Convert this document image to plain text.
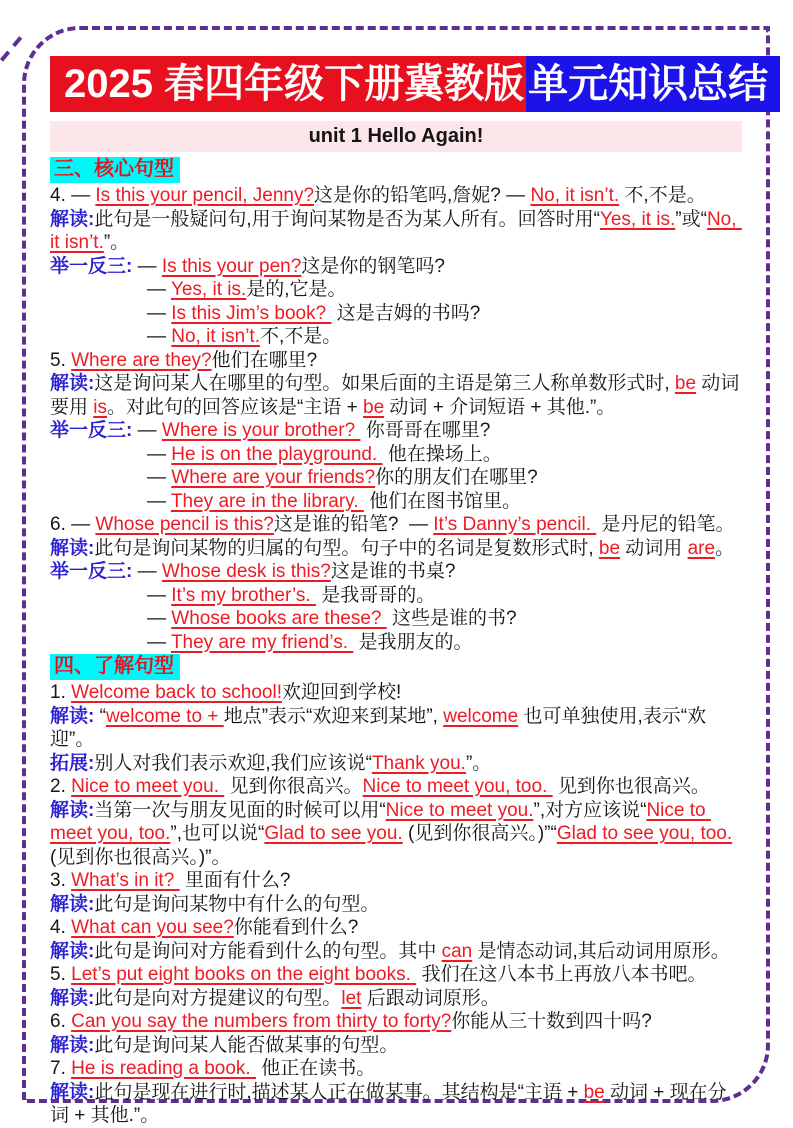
2025 春四年级下册冀教版 单元知识总结
unit 1 Hello Again!
三、核心句型
4. — Is this your pencil, Jenny?这是你的铅笔吗,詹妮? — No, it isn’t. 不,不是。
解读:此句是一般疑问句,用于询问某物是否为某人所有。回答时用“Yes, it is.”或“No, it isn’t.”。
举一反三: — Is this your pen?这是你的钢笔吗?
— Yes, it is.是的,它是。
— Is this Jim’s book?  这是吉姆的书吗?
— No, it isn’t.不,不是。
5. Where are they?他们在哪里?
解读:这是询问某人在哪里的句型。如果后面的主语是第三人称单数形式时, be 动词要用 is。对此句的回答应该是“主语 + be 动词 + 介词短语 + 其他.”。
举一反三: — Where is your brother?  你哥哥在哪里?
— He is on the playground.  他在操场上。
— Where are your friends?你的朋友们在哪里?
— They are in the library.  他们在图书馆里。
6. — Whose pencil is this?这是谁的铅笔?  — It’s Danny’s pencil.  是丹尼的铅笔。
解读:此句是询问某物的归属的句型。句子中的名词是复数形式时, be 动词用 are。
举一反三: — Whose desk is this?这是谁的书桌?
— It’s my brother’s.  是我哥哥的。
— Whose books are these?  这些是谁的书?
— They are my friend’s.  是我朋友的。
四、了解句型
1. Welcome back to school!欢迎回到学校!
解读: “welcome to + 地点”表示“欢迎来到某地”, welcome 也可单独使用,表示“欢迎”。
拓展:别人对我们表示欢迎,我们应该说“Thank you.”。
2. Nice to meet you.  见到你很高兴。Nice to meet you, too.  见到你也很高兴。
解读:当第一次与朋友见面的时候可以用“Nice to meet you.”,对方应该说“Nice to meet you, too.”,也可以说“Glad to see you. (见到你很高兴。)”“Glad to see you, too. (见到你也很高兴。)”。
3. What’s in it?  里面有什么?
解读:此句是询问某物中有什么的句型。
4. What can you see?你能看到什么?
解读:此句是询问对方能看到什么的句型。其中 can 是情态动词,其后动词用原形。
5. Let’s put eight books on the eight books.  我们在这八本书上再放八本书吧。
解读:此句是向对方提建议的句型。let 后跟动词原形。
6. Can you say the numbers from thirty to forty?你能从三十数到四十吗?
解读:此句是询问某人能否做某事的句型。
7. He is reading a book.  他正在读书。
解读:此句是现在进行时,描述某人正在做某事。其结构是“主语 + be 动词 + 现在分词 + 其他.”。
